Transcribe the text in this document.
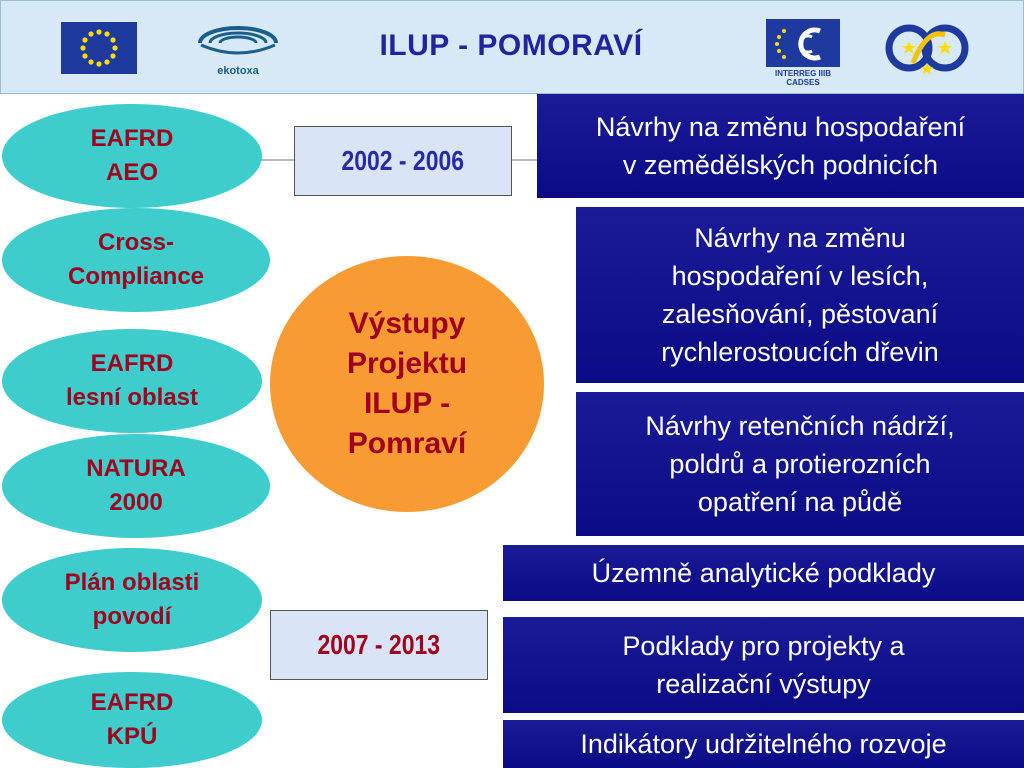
ekotoxa
ILUP - POMORAVÍ
INTERREG IIIB CADSES
EAFRD
AEO
Cross-
Compliance
EAFRD
lesní oblast
NATURA
2000
Plán oblasti
povodí
EAFRD
KPÚ
2002 - 2006
2007 - 2013
Výstupy
Projektu
ILUP -
Pomraví
Návrhy na změnu hospodaření
v zemědělských podnicích
Návrhy na změnu
hospodaření v lesích,
zalesňování, pěstovaní
rychlerostoucích dřevin
Návrhy retenčních nádrží,
poldrů a protierozních
opatření na půdě
Územně analytické podklady
Podklady pro projekty a
realizační výstupy
Indikátory udržitelného rozvoje
